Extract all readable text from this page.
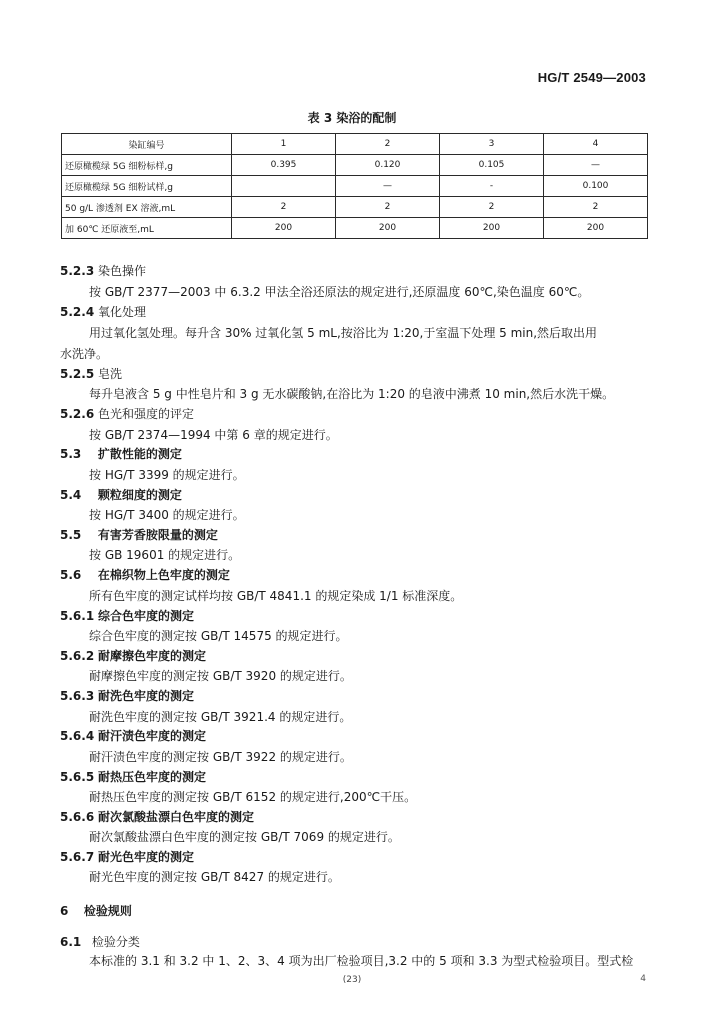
HG/T 2549—2003
表 3 染浴的配制
染缸编号	1	2	3	4
还原橄榄绿 5G 细粉标样,g	0.395	0.120	0.105	—
还原橄榄绿 5G 细粉试样,g		—	-	0.100
50 g/L 渗透剂 EX 溶液,mL	2	2	2	2
加 60℃ 还原液至,mL	200	200	200	200
5.2.3 染色操作
按 GB/T 2377—2003 中 6.3.2 甲法全浴还原法的规定进行,还原温度 60℃,染色温度 60℃。
5.2.4 氧化处理
用过氧化氢处理。每升含 30% 过氧化氢 5 mL,按浴比为 1:20,于室温下处理 5 min,然后取出用
水洗净。
5.2.5 皂洗
每升皂液含 5 g 中性皂片和 3 g 无水碳酸钠,在浴比为 1:20 的皂液中沸煮 10 min,然后水洗干燥。
5.2.6 色光和强度的评定
按 GB/T 2374—1994 中第 6 章的规定进行。
5.3 扩散性能的测定
按 HG/T 3399 的规定进行。
5.4 颗粒细度的测定
按 HG/T 3400 的规定进行。
5.5 有害芳香胺限量的测定
按 GB 19601 的规定进行。
5.6 在棉织物上色牢度的测定
所有色牢度的测定试样均按 GB/T 4841.1 的规定染成 1/1 标准深度。
5.6.1 综合色牢度的测定
综合色牢度的测定按 GB/T 14575 的规定进行。
5.6.2 耐摩擦色牢度的测定
耐摩擦色牢度的测定按 GB/T 3920 的规定进行。
5.6.3 耐洗色牢度的测定
耐洗色牢度的测定按 GB/T 3921.4 的规定进行。
5.6.4 耐汗渍色牢度的测定
耐汗渍色牢度的测定按 GB/T 3922 的规定进行。
5.6.5 耐热压色牢度的测定
耐热压色牢度的测定按 GB/T 6152 的规定进行,200℃干压。
5.6.6 耐次氯酸盐漂白色牢度的测定
耐次氯酸盐漂白色牢度的测定按 GB/T 7069 的规定进行。
5.6.7 耐光色牢度的测定
耐光色牢度的测定按 GB/T 8427 的规定进行。
6 检验规则
6.1 检验分类
本标准的 3.1 和 3.2 中 1、2、3、4 项为出厂检验项目,3.2 中的 5 项和 3.3 为型式检验项目。型式检
(23)	4
